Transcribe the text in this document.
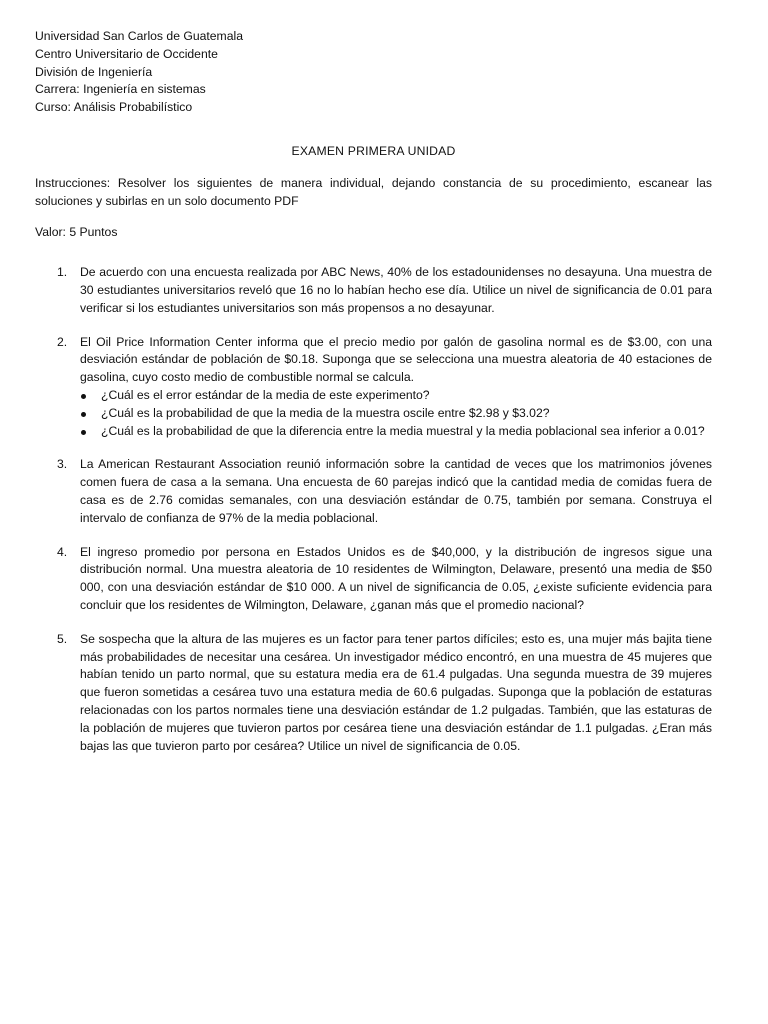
Universidad San Carlos de Guatemala

Centro Universitario de Occidente

División de Ingeniería

Carrera: Ingeniería en sistemas

Curso: Análisis Probabilístico

EXAMEN PRIMERA UNIDAD

Instrucciones: Resolver los siguientes de manera individual, dejando constancia de su procedimiento, escanear las soluciones y subirlas en un solo documento PDF

Valor: 5 Puntos

1. De acuerdo con una encuesta realizada por ABC News, 40% de los estadounidenses no desayuna. Una muestra de 30 estudiantes universitarios reveló que 16 no lo habían hecho ese día. Utilice un nivel de significancia de 0.01 para verificar si los estudiantes universitarios son más propensos a no desayunar.

2. El Oil Price Information Center informa que el precio medio por galón de gasolina normal es de $3.00, con una desviación estándar de población de $0.18. Suponga que se selecciona una muestra aleatoria de 40 estaciones de gasolina, cuyo costo medio de combustible normal se calcula.

¿Cuál es el error estándar de la media de este experimento?
¿Cuál es la probabilidad de que la media de la muestra oscile entre $2.98 y $3.02?
¿Cuál es la probabilidad de que la diferencia entre la media muestral y la media poblacional sea inferior a 0.01?
3. La American Restaurant Association reunió información sobre la cantidad de veces que los matrimonios jóvenes comen fuera de casa a la semana. Una encuesta de 60 parejas indicó que la cantidad media de comidas fuera de casa es de 2.76 comidas semanales, con una desviación estándar de 0.75, también por semana. Construya el intervalo de confianza de 97% de la media poblacional.

4. El ingreso promedio por persona en Estados Unidos es de $40,000, y la distribución de ingresos sigue una distribución normal. Una muestra aleatoria de 10 residentes de Wilmington, Delaware, presentó una media de $50 000, con una desviación estándar de $10 000. A un nivel de significancia de 0.05, ¿existe suficiente evidencia para concluir que los residentes de Wilmington, Delaware, ¿ganan más que el promedio nacional?

5. Se sospecha que la altura de las mujeres es un factor para tener partos difíciles; esto es, una mujer más bajita tiene más probabilidades de necesitar una cesárea. Un investigador médico encontró, en una muestra de 45 mujeres que habían tenido un parto normal, que su estatura media era de 61.4 pulgadas. Una segunda muestra de 39 mujeres que fueron sometidas a cesárea tuvo una estatura media de 60.6 pulgadas. Suponga que la población de estaturas relacionadas con los partos normales tiene una desviación estándar de 1.2 pulgadas. También, que las estaturas de la población de mujeres que tuvieron partos por cesárea tiene una desviación estándar de 1.1 pulgadas. ¿Eran más bajas las que tuvieron parto por cesárea? Utilice un nivel de significancia de 0.05.
